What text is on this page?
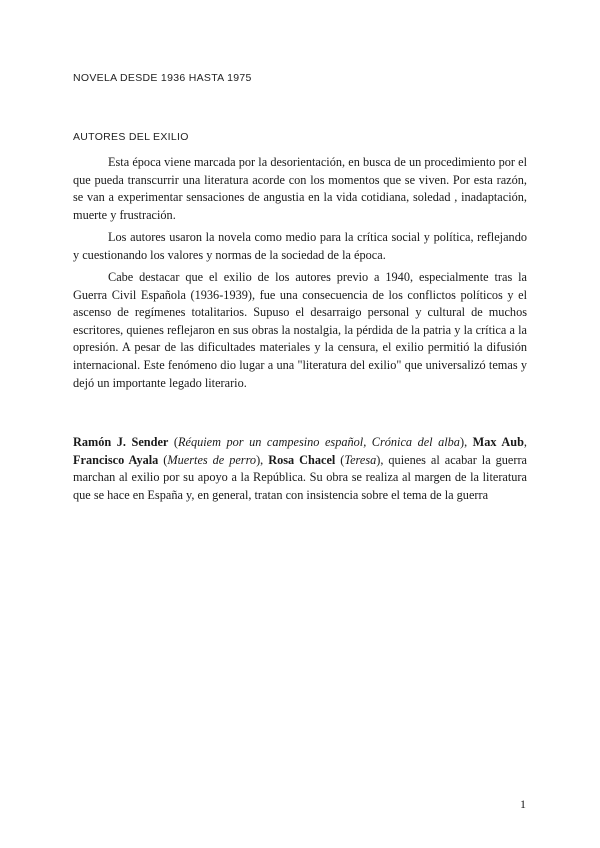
NOVELA DESDE 1936 HASTA 1975
AUTORES DEL EXILIO

Esta época viene marcada por la desorientación, en busca de un procedimiento por el que pueda transcurrir una literatura acorde con los momentos que se viven. Por esta razón, se van a experimentar sensaciones de angustia en la vida cotidiana, soledad , inadaptación, muerte y frustración.

Los autores usaron la novela como medio para la crítica social y política, reflejando y cuestionando los valores y normas de la sociedad de la época.

Cabe destacar que el exilio de los autores previo a 1940, especialmente tras la Guerra Civil Española (1936-1939), fue una consecuencia de los conflictos políticos y el ascenso de regímenes totalitarios. Supuso el desarraigo personal y cultural de muchos escritores, quienes reflejaron en sus obras la nostalgia, la pérdida de la patria y la crítica a la opresión. A pesar de las dificultades materiales y la censura, el exilio permitió la difusión internacional. Este fenómeno dio lugar a una "literatura del exilio" que universalizó temas y dejó un importante legado literario.

Ramón J. Sender (Réquiem por un campesino español, Crónica del alba), Max Aub, Francisco Ayala (Muertes de perro), Rosa Chacel (Teresa), quienes al acabar la guerra marchan al exilio por su apoyo a la República. Su obra se realiza al margen de la literatura que se hace en España y, en general, tratan con insistencia sobre el tema de la guerra

1
